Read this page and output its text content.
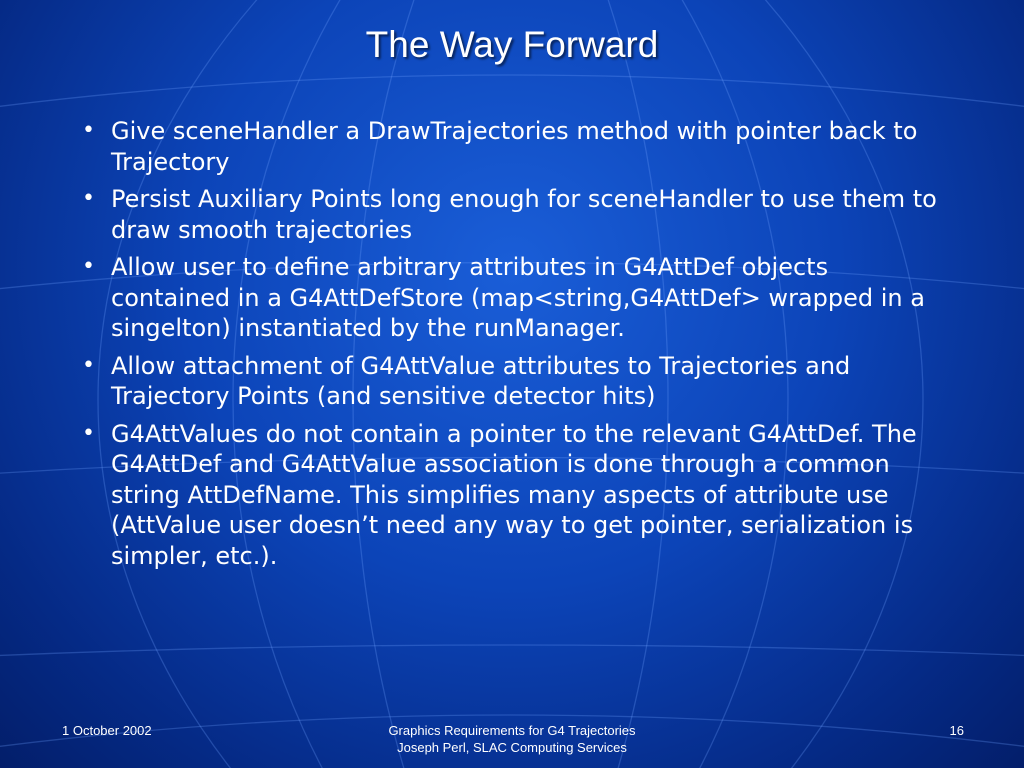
The Way Forward
• Give sceneHandler a DrawTrajectories method with pointer back to Trajectory
• Persist Auxiliary Points long enough for sceneHandler to use them to draw smooth trajectories
• Allow user to define arbitrary attributes in G4AttDef objects contained in a G4AttDefStore (map<string,G4AttDef> wrapped in a singelton) instantiated by the runManager.
• Allow attachment of G4AttValue attributes to Trajectories and Trajectory Points (and sensitive detector hits)
• G4AttValues do not contain a pointer to the relevant G4AttDef. The G4AttDef and G4AttValue association is done through a common string AttDefName. This simplifies many aspects of attribute use (AttValue user doesn’t need any way to get pointer, serialization is simpler, etc.).
1 October 2002	Graphics Requirements for G4 Trajectories
Joseph Perl, SLAC Computing Services
16
